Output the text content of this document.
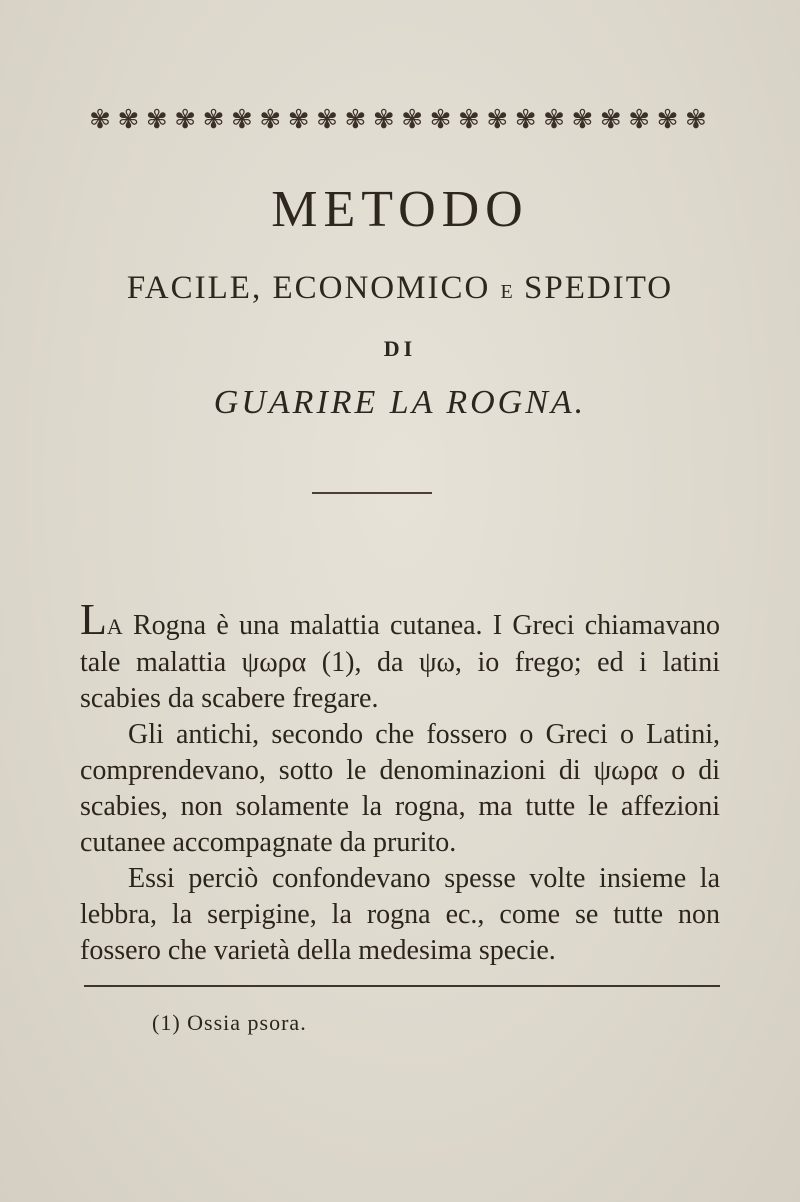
✾ ✾ ✾ ✾ ✾ ✾ ✾ ✾ ✾ ✾ ✾ ✾ ✾ ✾ ✾ ✾ ✾ ✾ ✾ ✾ ✾ ✾
METODO
FACILE, ECONOMICO E SPEDITO
DI
GUARIRE LA ROGNA.

LA Rogna è una malattia cutanea. I Greci chiamavano tale malattia ψωρα (1), da ψω, io frego; ed i latini scabies da scabere fregare.

Gli antichi, secondo che fossero o Greci o Latini, comprendevano, sotto le denominazioni di ψωρα o di scabies, non solamente la rogna, ma tutte le affezioni cutanee accompagnate da prurito.

Essi perciò confondevano spesse volte insieme la lebbra, la serpigine, la rogna ec., come se tutte non fossero che varietà della medesima specie.

(1) Ossia psora.
